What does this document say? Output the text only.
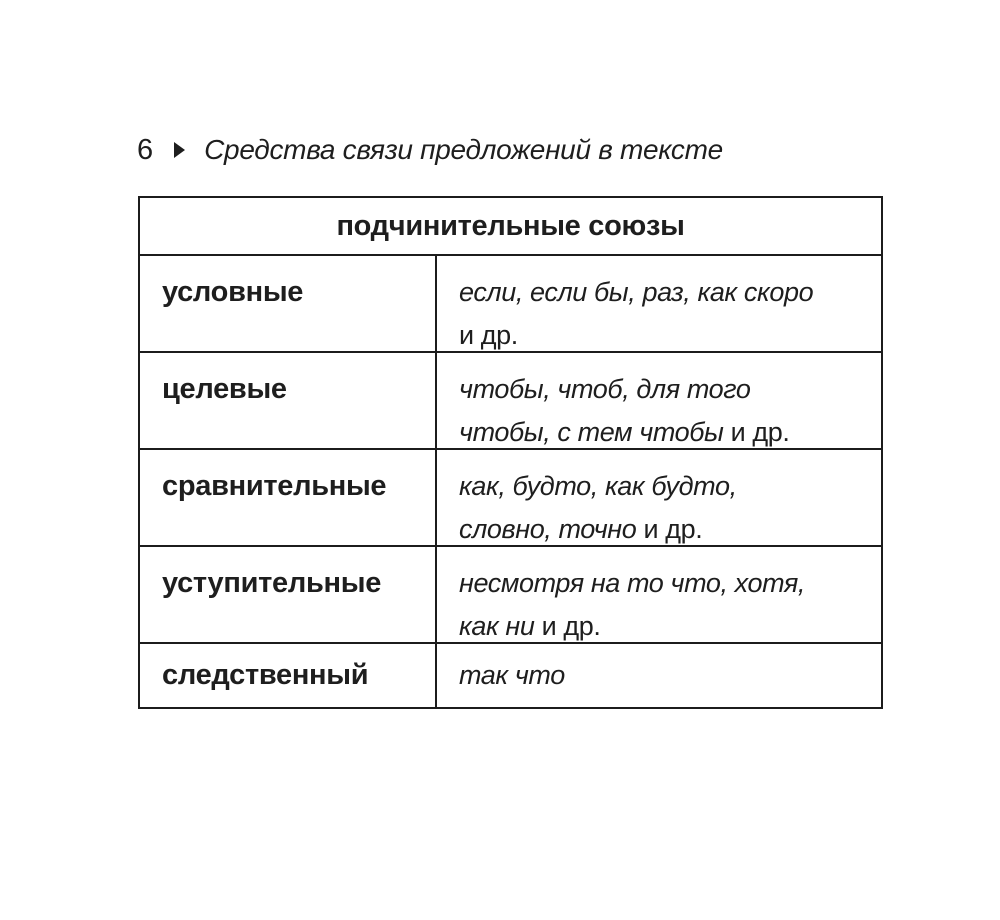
6 Средства связи предложений в тексте
подчинительные союзы
условные	если, если бы, раз, как скоро и др.

целевые	чтобы, чтоб, для того чтобы, с тем чтобы и др.

сравнительные	как, будто, как будто, словно, точно и др.

уступительные	несмотря на то что, хотя, как ни и др.

следственный	так что
